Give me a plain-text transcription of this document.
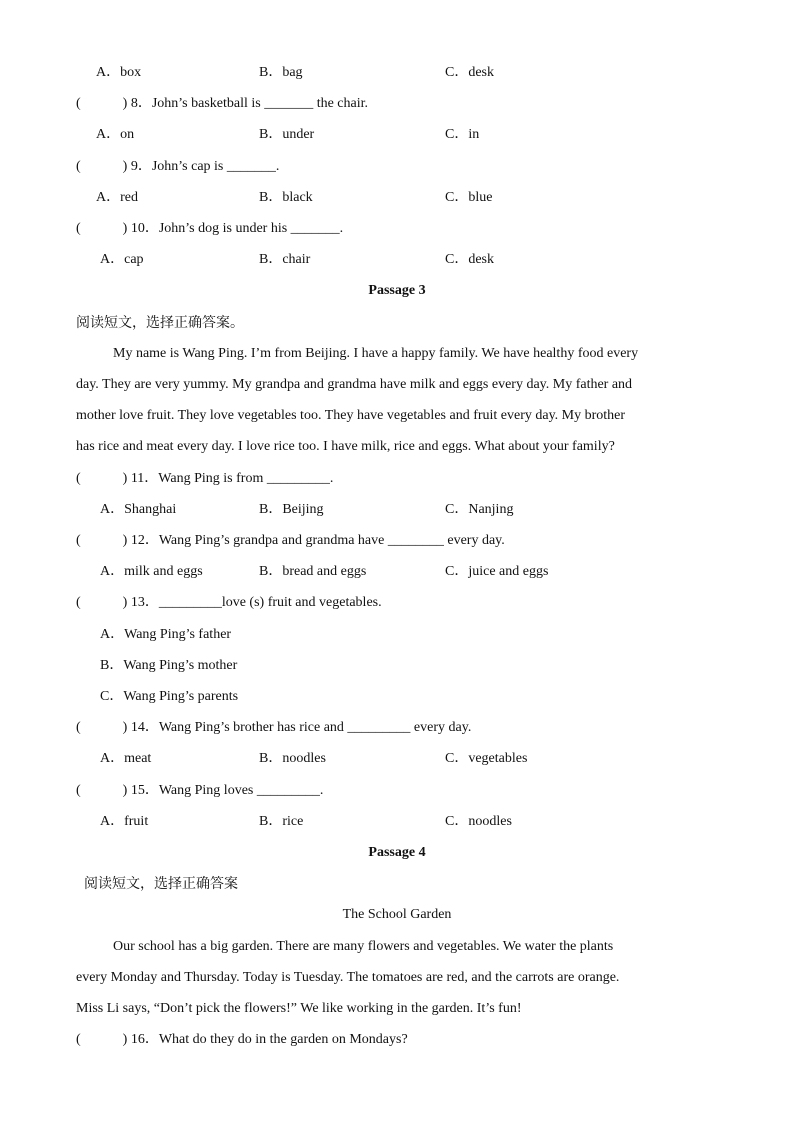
A．box	B．bag	C．desk
(　　　) 8．John’s basketball is _______ the chair.
A．on	B．under	C．in
(　　　) 9．John’s cap is _______.
A．red	B．black	C．blue
(　　　) 10．John’s dog is under his _______.
A．cap	B．chair	C．desk
Passage 3
阅读短文，选择正确答案。
My name is Wang Ping. I’m from Beijing. I have a happy family. We have healthy food every
day. They are very yummy. My grandpa and grandma have milk and eggs every day. My father and
mother love fruit. They love vegetables too. They have vegetables and fruit every day. My brother
has rice and meat every day. I love rice too. I have milk, rice and eggs. What about your family?
(　　　) 11．Wang Ping is from _________.
A．Shanghai	B．Beijing	C．Nanjing
(　　　) 12．Wang Ping’s grandpa and grandma have ________ every day.
A．milk and eggs	B．bread and eggs	C．juice and eggs
(　　　) 13．_________love (s) fruit and vegetables.
A．Wang Ping’s father
B．Wang Ping’s mother
C．Wang Ping’s parents
(　　　) 14．Wang Ping’s brother has rice and _________ every day.
A．meat	B．noodles	C．vegetables
(　　　) 15．Wang Ping loves _________.
A．fruit	B．rice	C．noodles
Passage 4
阅读短文，选择正确答案
The School Garden
Our school has a big garden. There are many flowers and vegetables. We water the plants
every Monday and Thursday. Today is Tuesday. The tomatoes are red, and the carrots are orange.
Miss Li says, “Don’t pick the flowers!” We like working in the garden. It’s fun!
(　　　) 16．What do they do in the garden on Mondays?
